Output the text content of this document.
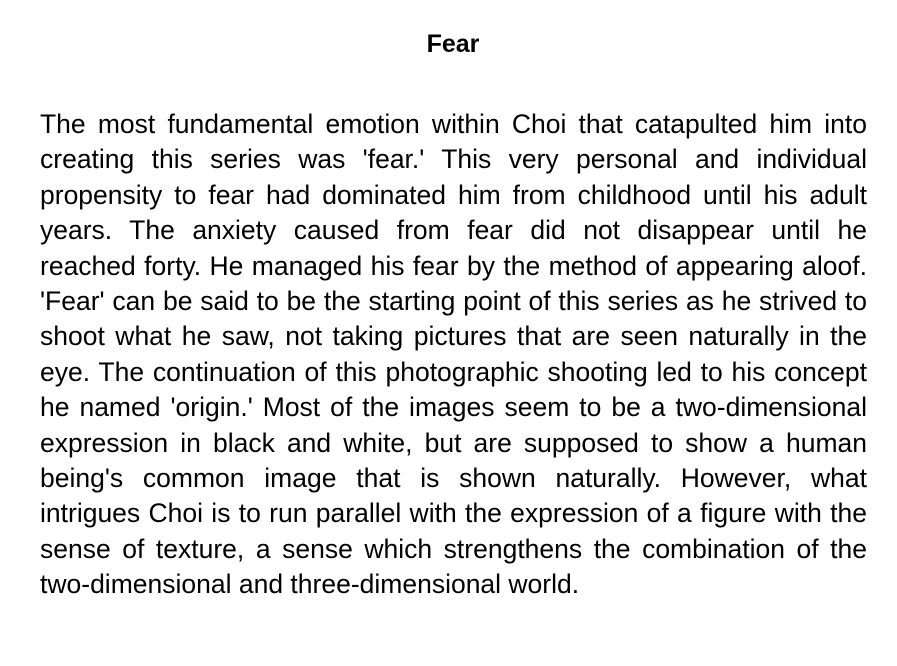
Fear

The most fundamental emotion within Choi that catapulted him into creating this series was 'fear.' This very personal and individual propensity to fear had dominated him from childhood until his adult years. The anxiety caused from fear did not disappear until he reached forty. He managed his fear by the method of appearing aloof. 'Fear' can be said to be the starting point of this series as he strived to shoot what he saw, not taking pictures that are seen naturally in the eye. The continuation of this photographic shooting led to his concept he named 'origin.' Most of the images seem to be a two-dimensional expression in black and white, but are supposed to show a human being's common image that is shown naturally. However, what intrigues Choi is to run parallel with the expression of a figure with the sense of texture, a sense which strengthens the combination of the two-dimensional and three-dimensional world.
